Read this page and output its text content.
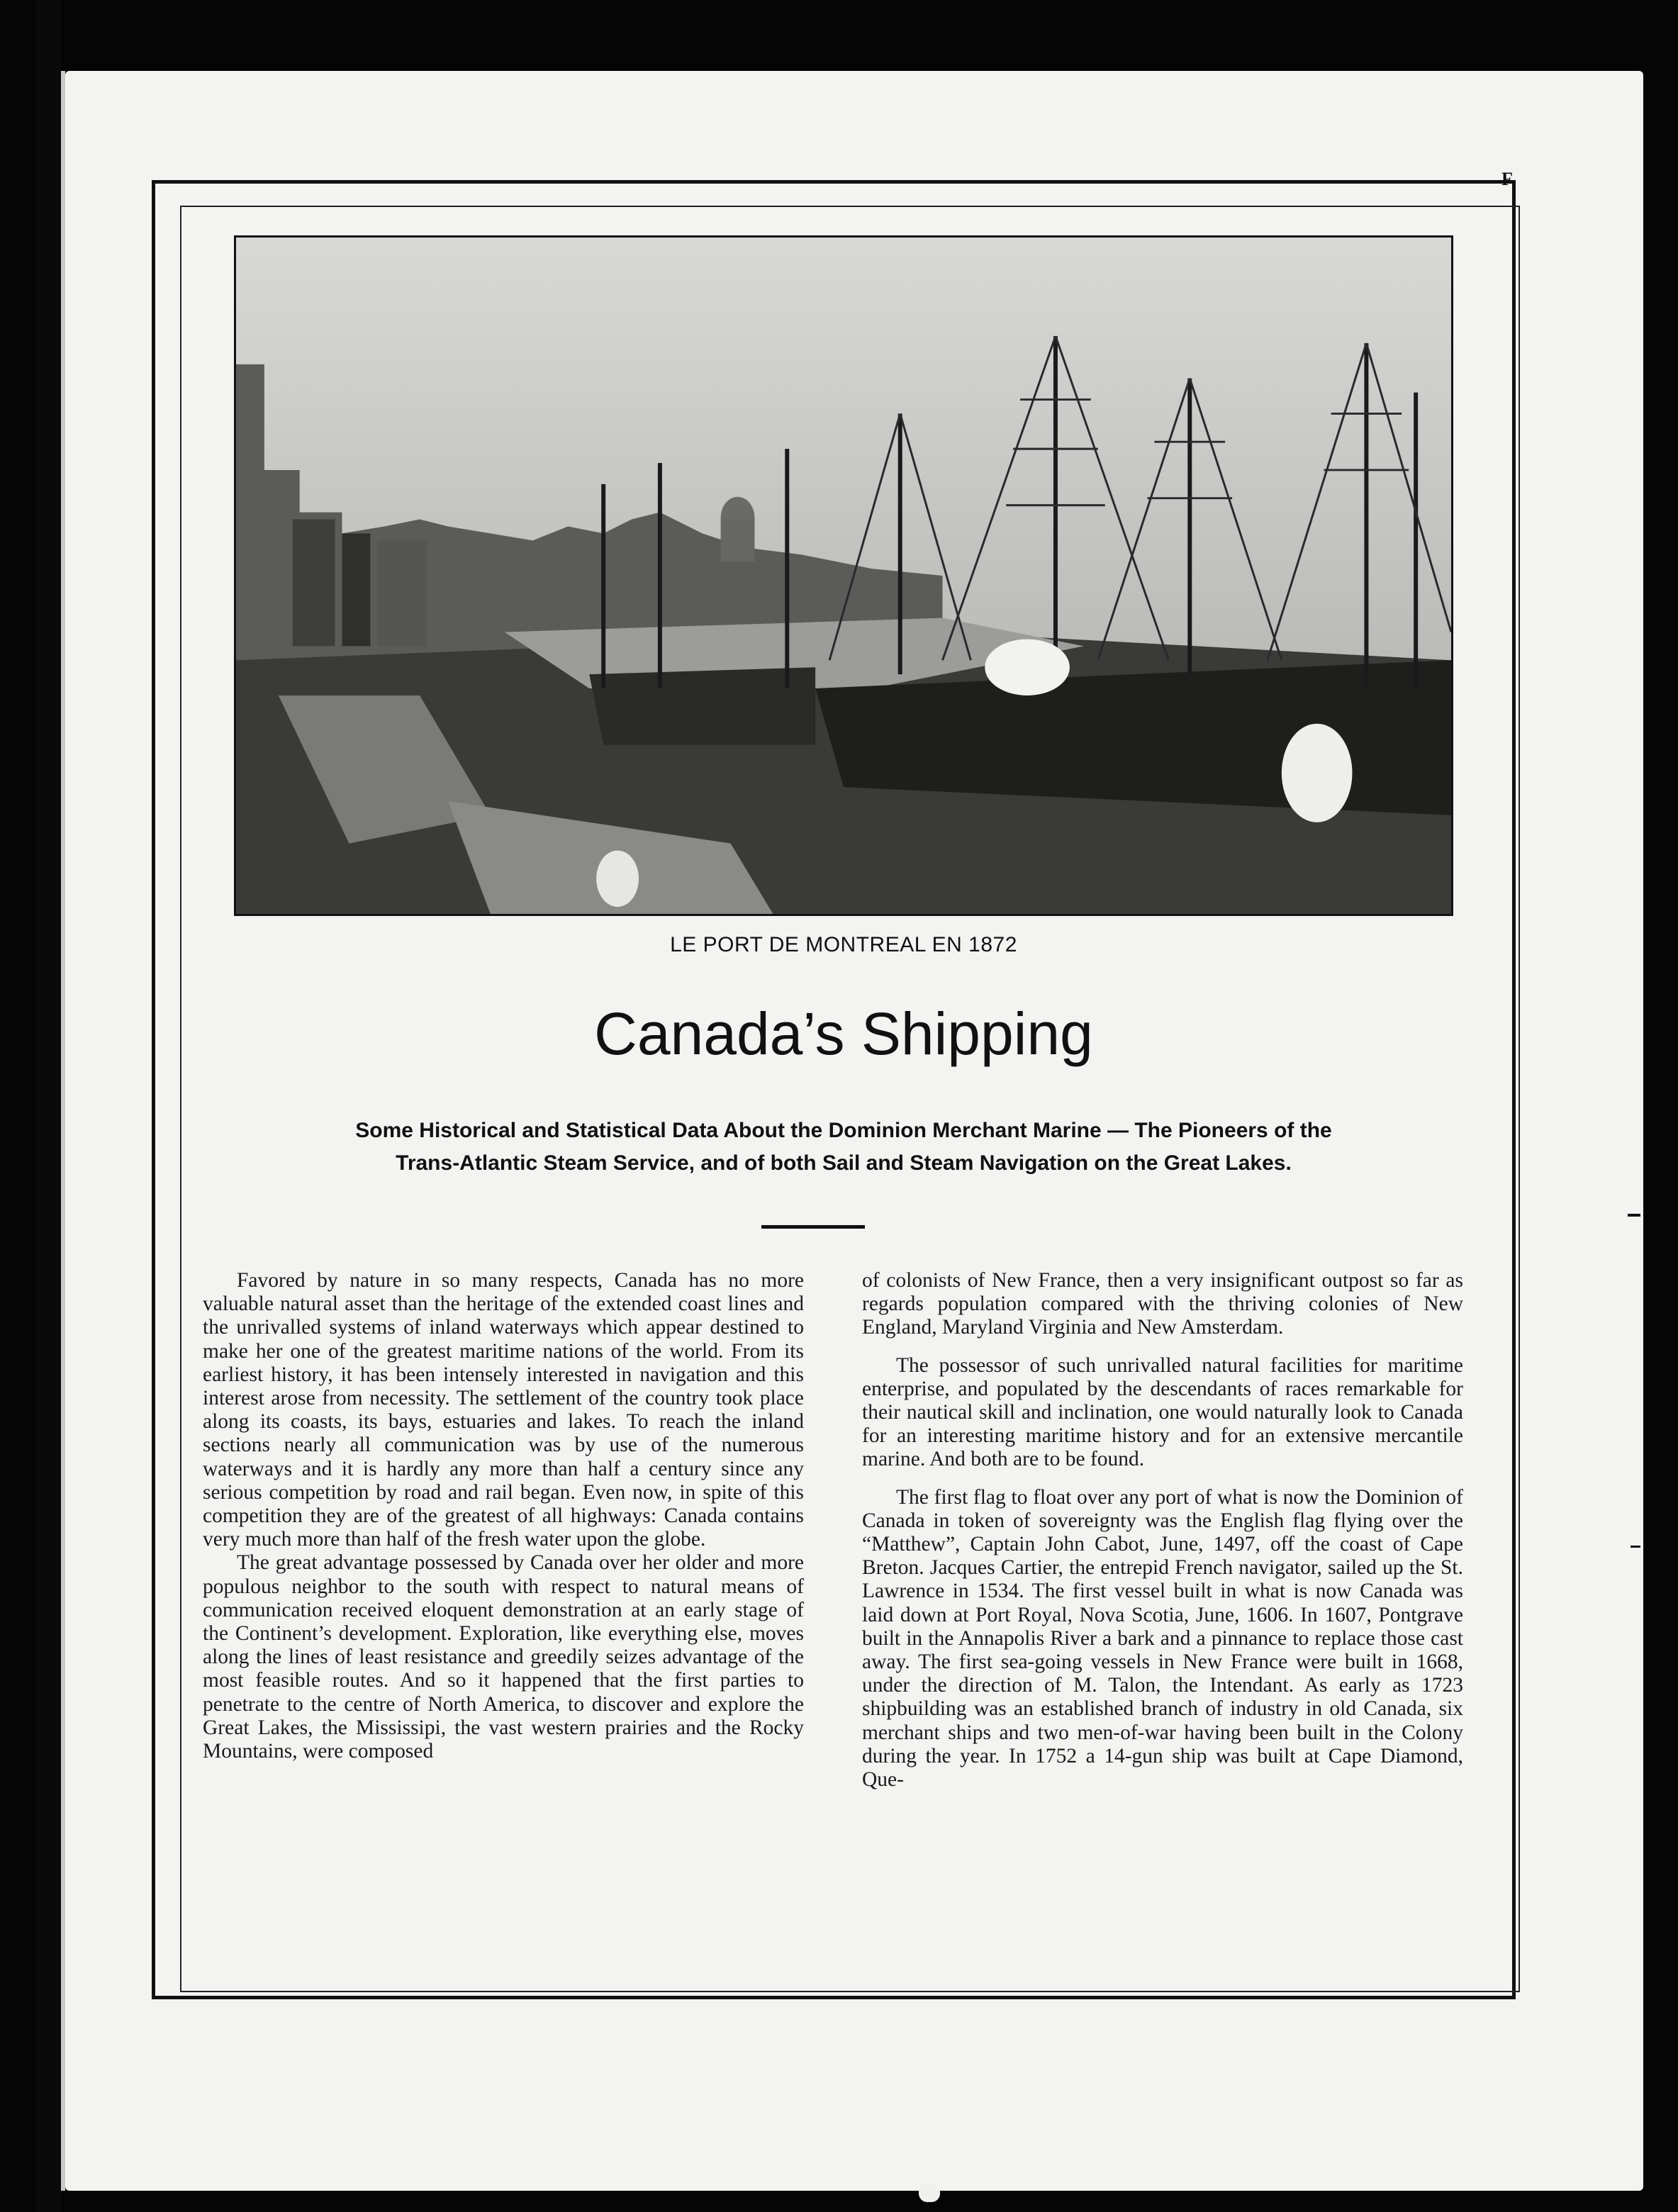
F
LE PORT DE MONTREAL EN 1872
Canada’s Shipping
Some Historical and Statistical Data About the Dominion Merchant Marine — The Pioneers of the
Trans-Atlantic Steam Service, and of both Sail and Steam Navigation on the Great Lakes.

Favored by nature in so many respects, Canada has no more valuable natural asset than the heritage of the extended coast lines and the unrivalled systems of inland waterways which appear destined to make her one of the greatest maritime nations of the world. From its earliest history, it has been intensely interested in navigation and this interest arose from necessity. The settlement of the country took place along its coasts, its bays, estuaries and lakes. To reach the inland sections nearly all communication was by use of the numerous waterways and it is hardly any more than half a century since any serious competition by road and rail began. Even now, in spite of this competition they are of the greatest of all highways: Canada contains very much more than half of the fresh water upon the globe.

The great advantage possessed by Canada over her older and more populous neighbor to the south with respect to natural means of communication received eloquent demonstration at an early stage of the Continent’s development. Exploration, like everything else, moves along the lines of least resistance and greedily seizes advantage of the most feasible routes. And so it happened that the first parties to penetrate to the centre of North America, to discover and explore the Great Lakes, the Mississipi, the vast western prairies and the Rocky Mountains, were composed

of colonists of New France, then a very insignificant outpost so far as regards population compared with the thriving colonies of New England, Maryland Virginia and New Amsterdam.

The possessor of such unrivalled natural facilities for maritime enterprise, and populated by the descendants of races remarkable for their nautical skill and inclination, one would naturally look to Canada for an interesting maritime history and for an extensive mercantile marine. And both are to be found.

The first flag to float over any port of what is now the Dominion of Canada in token of sovereignty was the English flag flying over the “Matthew”, Captain John Cabot, June, 1497, off the coast of Cape Breton. Jacques Cartier, the entrepid French navigator, sailed up the St. Lawrence in 1534. The first vessel built in what is now Canada was laid down at Port Royal, Nova Scotia, June, 1606. In 1607, Pontgrave built in the Annapolis River a bark and a pinnance to replace those cast away. The first sea-going vessels in New France were built in 1668, under the direction of M. Talon, the Intendant. As early as 1723 shipbuilding was an established branch of industry in old Canada, six merchant ships and two men-of-war having been built in the Colony during the year. In 1752 a 14-gun ship was built at Cape Diamond, Que-
